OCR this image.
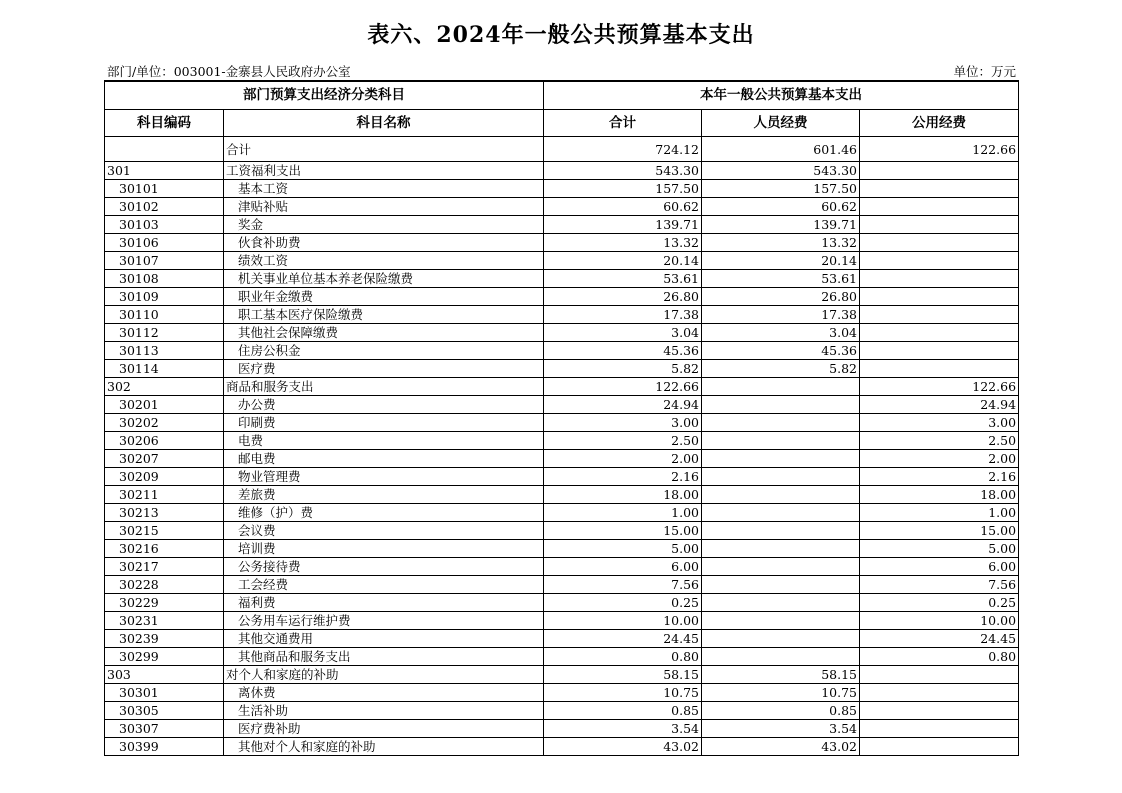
表六、2024年一般公共预算基本支出
部门/单位：003001-金寨县人民政府办公室	单位：万元
部门预算支出经济分类科目		本年一般公共预算基本支出		
科目编码	科目名称	合计	人员经费	公用经费
	合计	724.12	601.46	122.66
301	工资福利支出	543.30	543.30	
30101	基本工资	157.50	157.50	
30102	津贴补贴	60.62	60.62	
30103	奖金	139.71	139.71	
30106	伙食补助费	13.32	13.32	
30107	绩效工资	20.14	20.14	
30108	机关事业单位基本养老保险缴费	53.61	53.61	
30109	职业年金缴费	26.80	26.80	
30110	职工基本医疗保险缴费	17.38	17.38	
30112	其他社会保障缴费	3.04	3.04	
30113	住房公积金	45.36	45.36	
30114	医疗费	5.82	5.82	
302	商品和服务支出	122.66		122.66
30201	办公费	24.94		24.94
30202	印刷费	3.00		3.00
30206	电费	2.50		2.50
30207	邮电费	2.00		2.00
30209	物业管理费	2.16		2.16
30211	差旅费	18.00		18.00
30213	维修（护）费	1.00		1.00
30215	会议费	15.00		15.00
30216	培训费	5.00		5.00
30217	公务接待费	6.00		6.00
30228	工会经费	7.56		7.56
30229	福利费	0.25		0.25
30231	公务用车运行维护费	10.00		10.00
30239	其他交通费用	24.45		24.45
30299	其他商品和服务支出	0.80		0.80
303	对个人和家庭的补助	58.15	58.15	
30301	离休费	10.75	10.75	
30305	生活补助	0.85	0.85	
30307	医疗费补助	3.54	3.54	
30399	其他对个人和家庭的补助	43.02	43.02	
